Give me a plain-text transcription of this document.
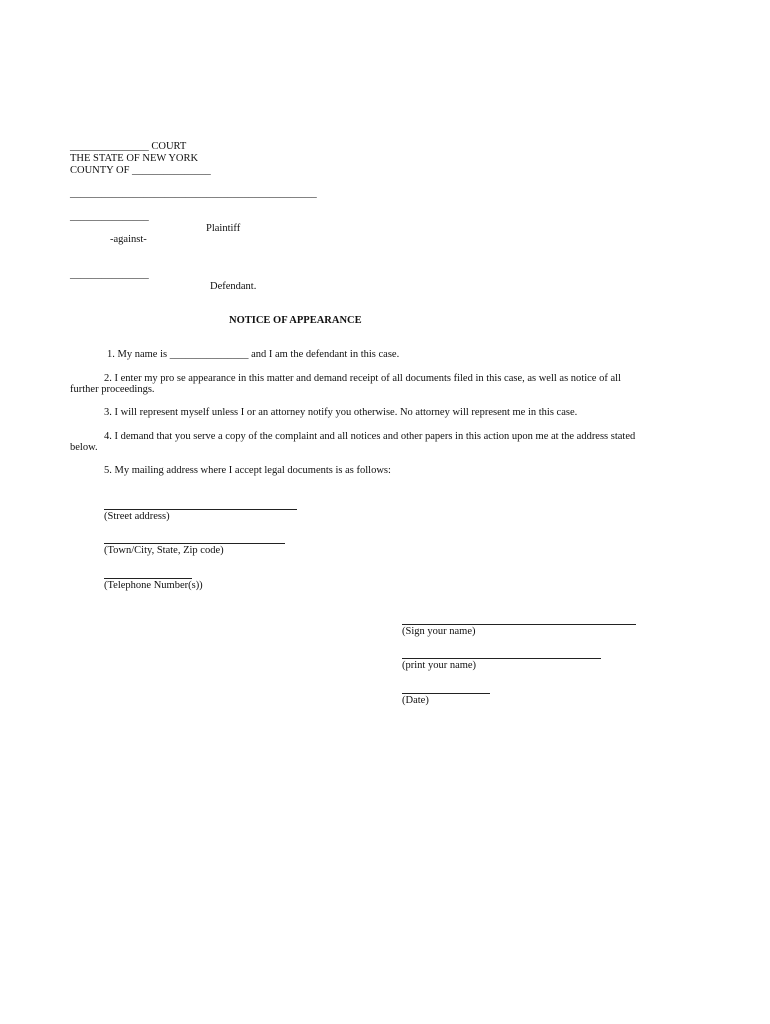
_______________ COURT
THE STATE OF NEW YORK
COUNTY OF _______________
_______________________________________________
_______________
Plaintiff
-against-
_______________
Defendant.
NOTICE OF APPEARANCE
1. My name is _______________ and I am the defendant in this case.
2. I enter my pro se appearance in this matter and demand receipt of all documents filed in this case, as well as notice of all
further proceedings.
3. I will represent myself unless I or an attorney notify you otherwise. No attorney will represent me in this case.
4. I demand that you serve a copy of the complaint and all notices and other papers in this action upon me at the address stated
below.
5. My mailing address where I accept legal documents is as follows:
(Street address)
(Town/City, State, Zip code)
(Telephone Number(s))
(Sign your name)
(print your name)
(Date)
